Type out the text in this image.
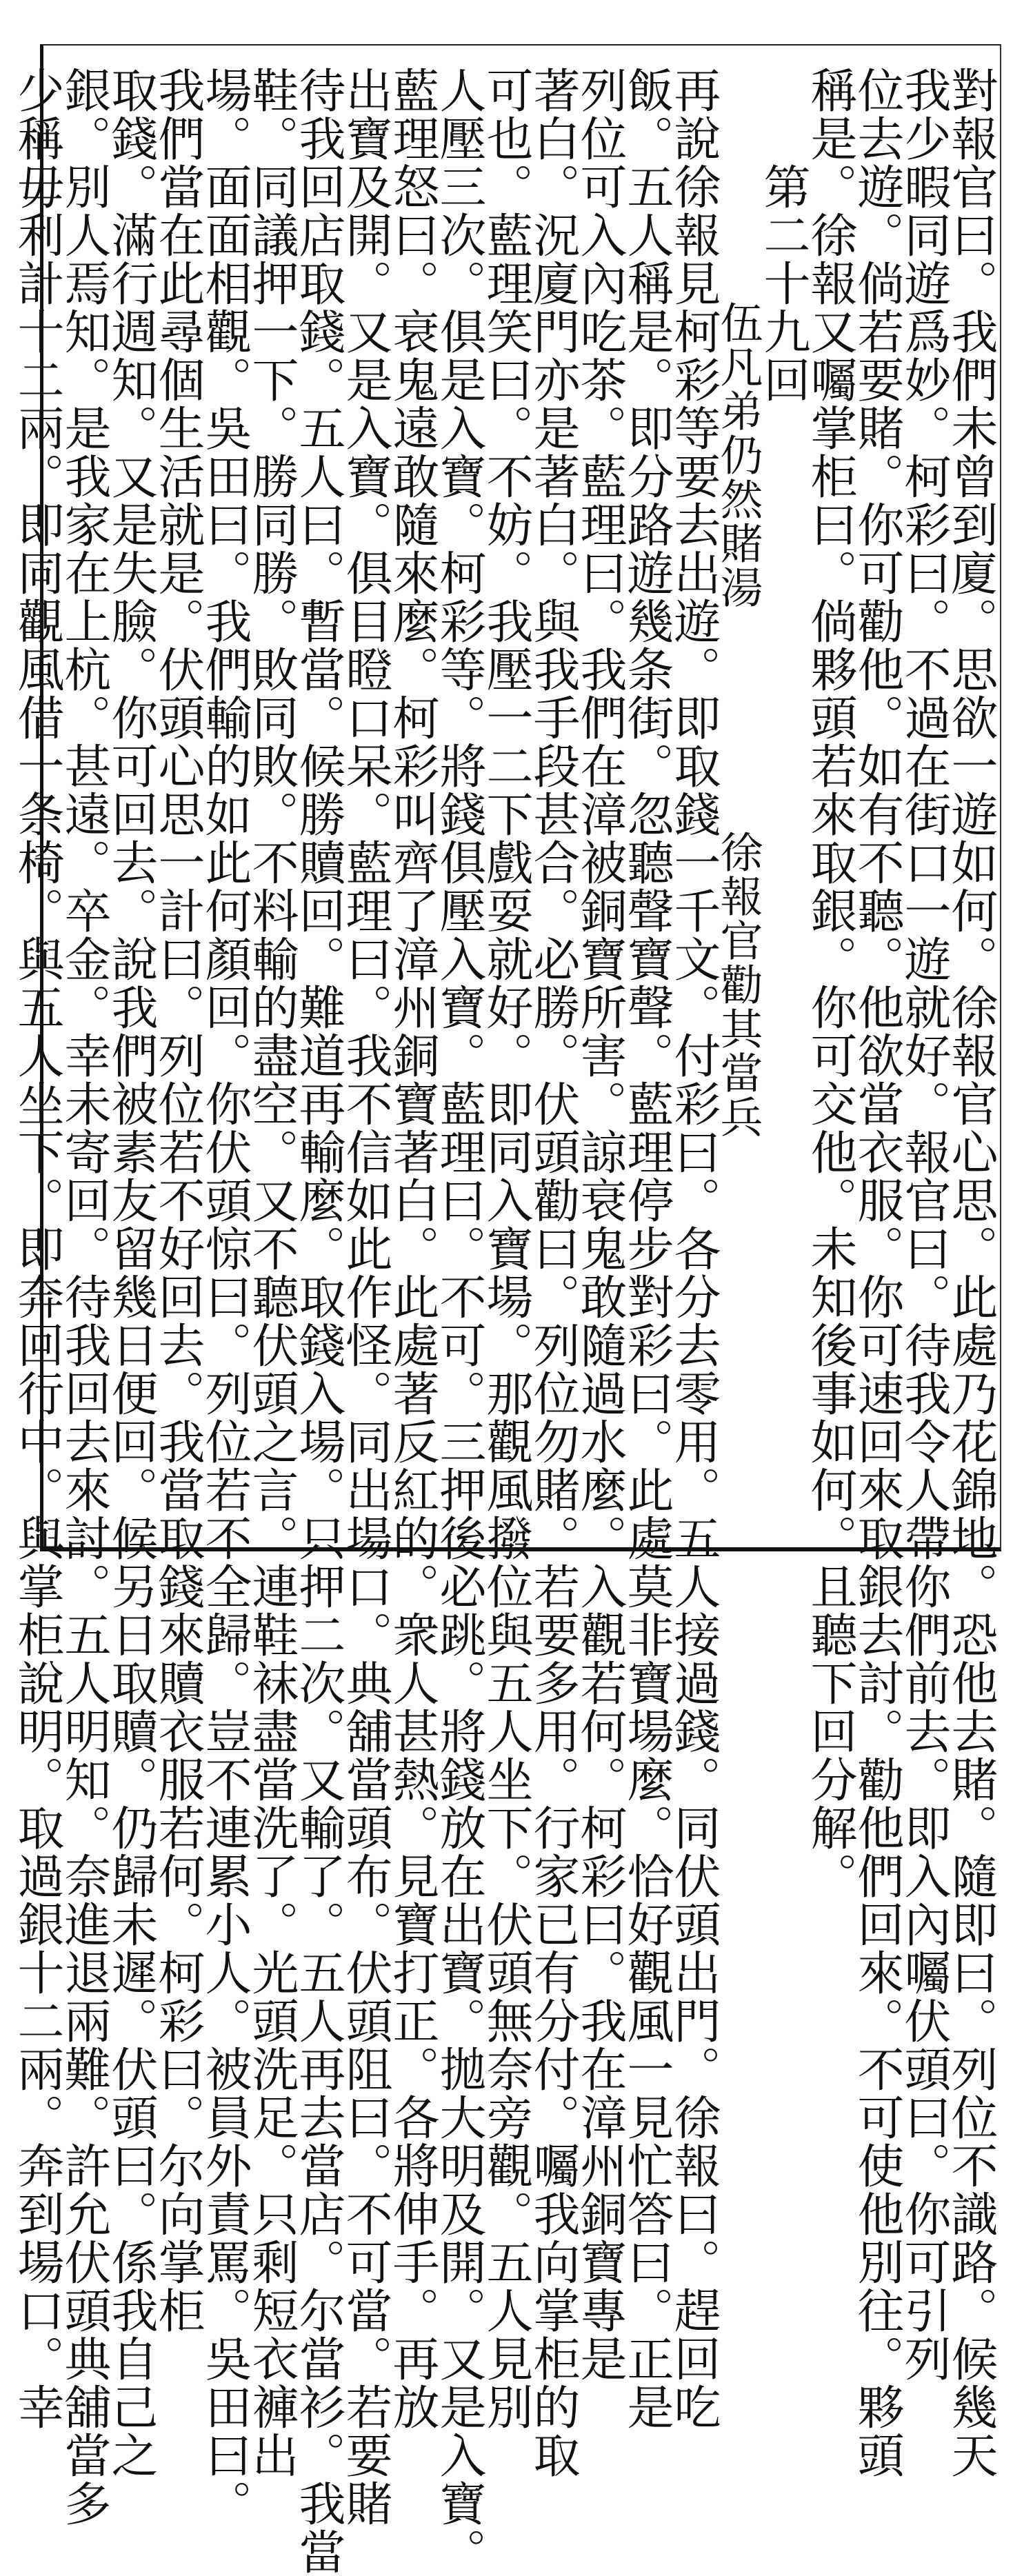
對報官曰。我們未曾到廈。思欲一遊如何。徐報官心思。此處乃花錦地。恐他去賭。隨即曰。列位不識路。候幾天
我少暇同遊爲妙。柯彩曰。不過在街口一遊就好。報官曰。待我令人帶你們前去。即入內囑伏頭曰。你可引列
位去遊。倘若要賭。你可勸他。如有不聽。他欲當衣服。你可速回來取銀去討。勸他們回來。不可使他別往。夥頭
稱是。徐報又囑掌柜曰。倘夥頭若來取銀。你可交他。未知後事如何。且聽下回分解。
第二十九回
伍凡弟仍然賭湯　　　　　徐報官勸其當兵
再說徐報見柯彩等要去出遊。即取錢一千文。付彩曰。各分去零用。五人接過錢。同伏頭出門。徐報曰。趕回吃
飯。五人稱是。即分路遊幾条街。忽聽聲寶聲。藍理停步對彩曰。此處莫非寶場麼。恰好觀風一見忙答曰。正是
列位可入內吃茶。藍理曰。我們在漳被銅寶所害。諒衰鬼敢隨過水麼。入觀若何。柯彩曰。我在漳州銅寶專是
著白。況廈門亦是著白。與我手段甚合。必勝。伏頭勸曰。列位勿賭。若要多用。行家已有分付。囑我向掌柜的取
可也。藍理笑曰。不妨。我壓一二下戲耍就好。即同入寶場。那觀風撥位與五人坐下。伏頭無奈旁觀。五人見別
人壓三次。俱是入寶。柯彩等。將錢俱壓入寶。藍理曰。不可。三押後必跳。將錢放在出寶。拋大明及開。又是入寶。
藍理怒曰。衰鬼遠敢隨來麼。柯彩叫齊了漳州銅寶著白。此處著反紅的。衆人甚熱。見寶打正。各將伸手。再放
出寶及開。又是入寶。俱目瞪口呆。藍理曰。我不信如此作怪。同出場口。典舖當頭布。伏頭阻曰。不可當。若要賭
待我回店取錢。五人曰。暫當。候勝贖回。難道再輸麼。取錢入場。只押二次。又輸了。五人再去當店。尔當衫。我當
鞋。同議押一下。勝同勝。敗同敗。不料輸的盡空。又不聽伏頭之言。連鞋袜盡當洗了。光頭洗足。只剩短衣褲出
場。面面相觀。吳田曰。我們輸的如此何顏回。你伏頭惊曰。列位若不全歸。豈不連累小人。被員外責罵。吳田曰。
我們當在此尋個生活就是。伏頭心思一計曰。列位若不好回去。我當取錢來贖衣服若何。柯彩曰。尔向掌柜
取錢。滿行週知。又是失臉。你可回去。說我們被素友留幾日便回。候另日取贖。仍歸未遲。伏頭曰。係我自己之
銀。別人焉知。是我家在上杭。甚遠。卒金。幸未寄回。待我回去來討。五人明知。奈進退兩難。許允伏頭典舖當多
少稱毋利計十二兩。即同觀風借一条椅。與五人坐下。即奔回行中。與掌柜說明。取過銀十二兩。奔到場口。幸
